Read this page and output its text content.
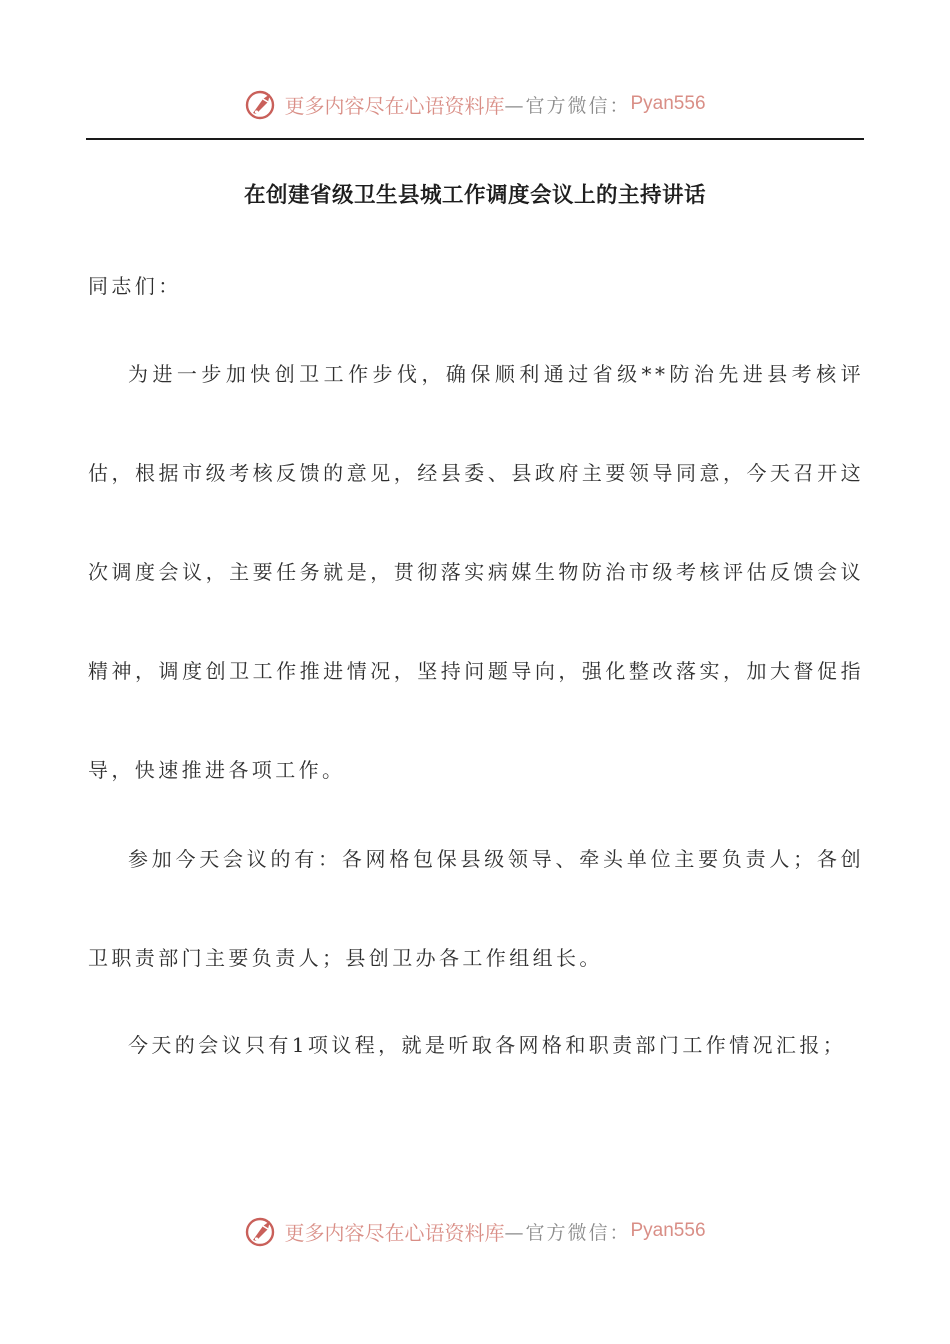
更多内容尽在心语资料库 —官方微信： Pyan556
在创建省级卫生县城工作调度会议上的主持讲话

同志们：

为进一步加快创卫工作步伐，确保顺利通过省级**防治先进县考核评估，根据市级考核反馈的意见，经县委、县政府主要领导同意，今天召开这次调度会议，主要任务就是，贯彻落实病媒生物防治市级考核评估反馈会议精神，调度创卫工作推进情况，坚持问题导向，强化整改落实，加大督促指导，快速推进各项工作。

参加今天会议的有：各网格包保县级领导、牵头单位主要负责人；各创卫职责部门主要负责人；县创卫办各工作组组长。

今天的会议只有1项议程，就是听取各网格和职责部门工作情况汇报；

更多内容尽在心语资料库 —官方微信： Pyan556
